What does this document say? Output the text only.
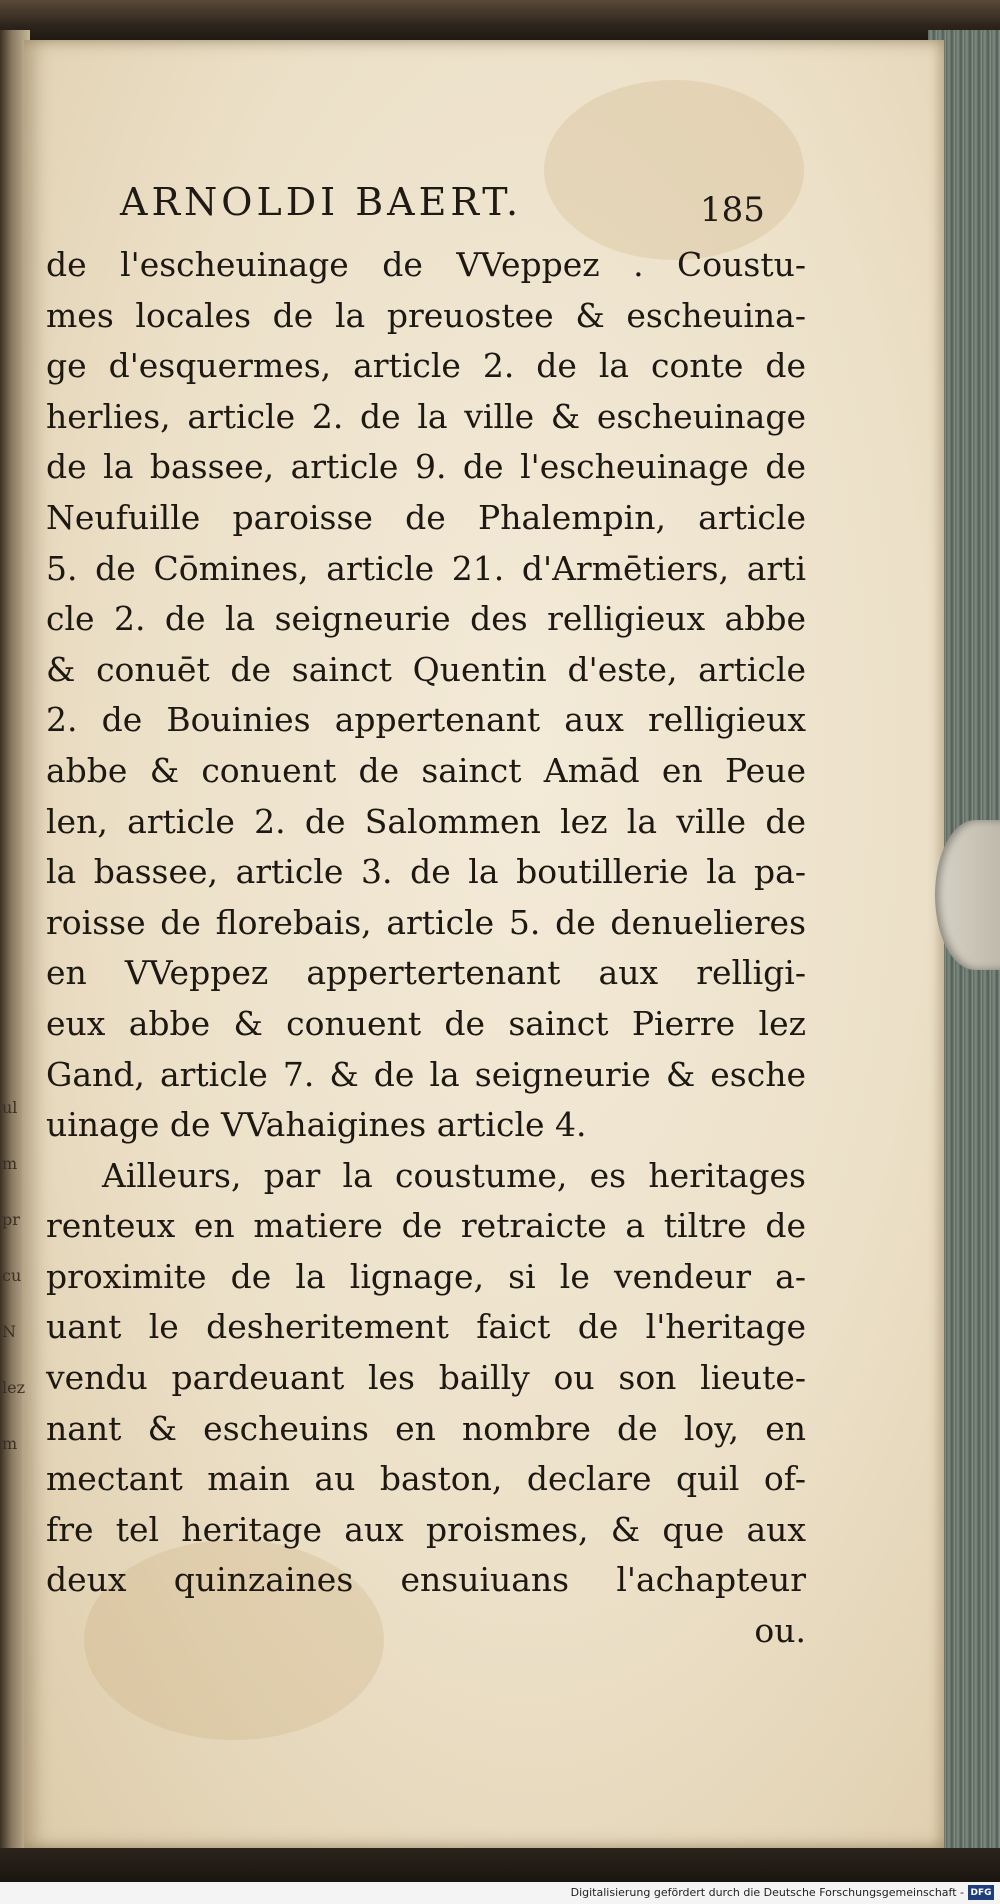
ARNOLDI BAERT.	185
de l'escheuinage de VVeppez . Coustu-
mes locales de la preuostee & escheuina-
ge d'esquermes, article 2. de la conte de
herlies, article 2. de la ville & escheuinage
de la bassee, article 9. de l'escheuinage de
Neufuille paroisse de Phalempin, article
5. de Cōmines, article 21. d'Armētiers, arti
cle 2. de la seigneurie des relligieux abbe
& conuēt de sainct Quentin d'este, article
2. de Bouinies appertenant aux relligieux
abbe & conuent de sainct Amād en Peue
len, article 2. de Salommen lez la ville de
la bassee, article 3. de la boutillerie la pa-
roisse de florebais, article 5. de denuelieres
en VVeppez appertertenant aux relligi-
eux abbe & conuent de sainct Pierre lez
Gand, article 7. & de la seigneurie & esche
uinage de VVahaigines article 4.
Ailleurs, par la coustume, es heritages
renteux en matiere de retraicte a tiltre de
proximite de la lignage, si le vendeur a-
uant le desheritement faict de l'heritage
vendu pardeuant les bailly ou son lieute-
nant & escheuins en nombre de loy, en
mectant main au baston, declare quil of-
fre tel heritage aux proismes, & que aux
deux quinzaines ensuiuans l'achapteur
ou.
ul
m
pr
cu
N
lez
m
Digitalisierung gefördert durch die Deutsche Forschungsgemeinschaft - DFG
